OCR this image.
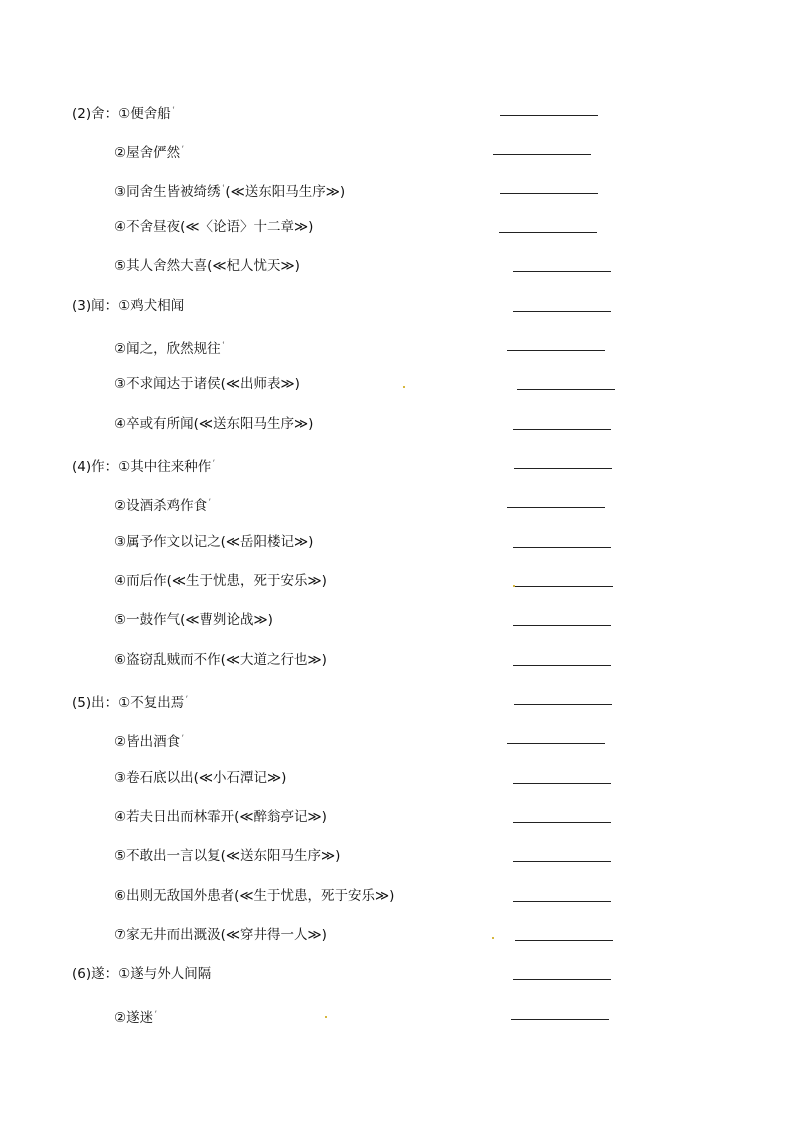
(2)舍：①便舍船 $^ᶠ$
②屋舍俨然 $^ᶠ$
③同舍生皆被绮绣 $^ᶠ$(≪送东阳马生序≫)
④不舍昼夜(≪〈论语〉十二章≫)
⑤其人舍然大喜(≪杞人忧天≫)
(3)闻：①鸡犬相闻
②闻之，欣然规往 $^ᶠ$
③不求闻达于诸侯(≪出师表≫)
④卒或有所闻(≪送东阳马生序≫)
(4)作：①其中往来种作 $^ᶠ$
②设酒杀鸡作食 $^ᶠ$
③属予作文以记之(≪岳阳楼记≫)
④而后作(≪生于忧患，死于安乐≫)
⑤一鼓作气(≪曹刿论战≫)
⑥盗窃乱贼而不作(≪大道之行也≫)
(5)出：①不复出焉 $^ᶠ$
②皆出酒食 $^ᶠ$
③卷石底以出(≪小石潭记≫)
④若夫日出而林霏开(≪醉翁亭记≫)
⑤不敢出一言以复(≪送东阳马生序≫)
⑥出则无敌国外患者(≪生于忧患，死于安乐≫)
⑦家无井而出溉汲(≪穿井得一人≫)
(6)遂：①遂与外人间隔
②遂迷 $^ᶠ$
